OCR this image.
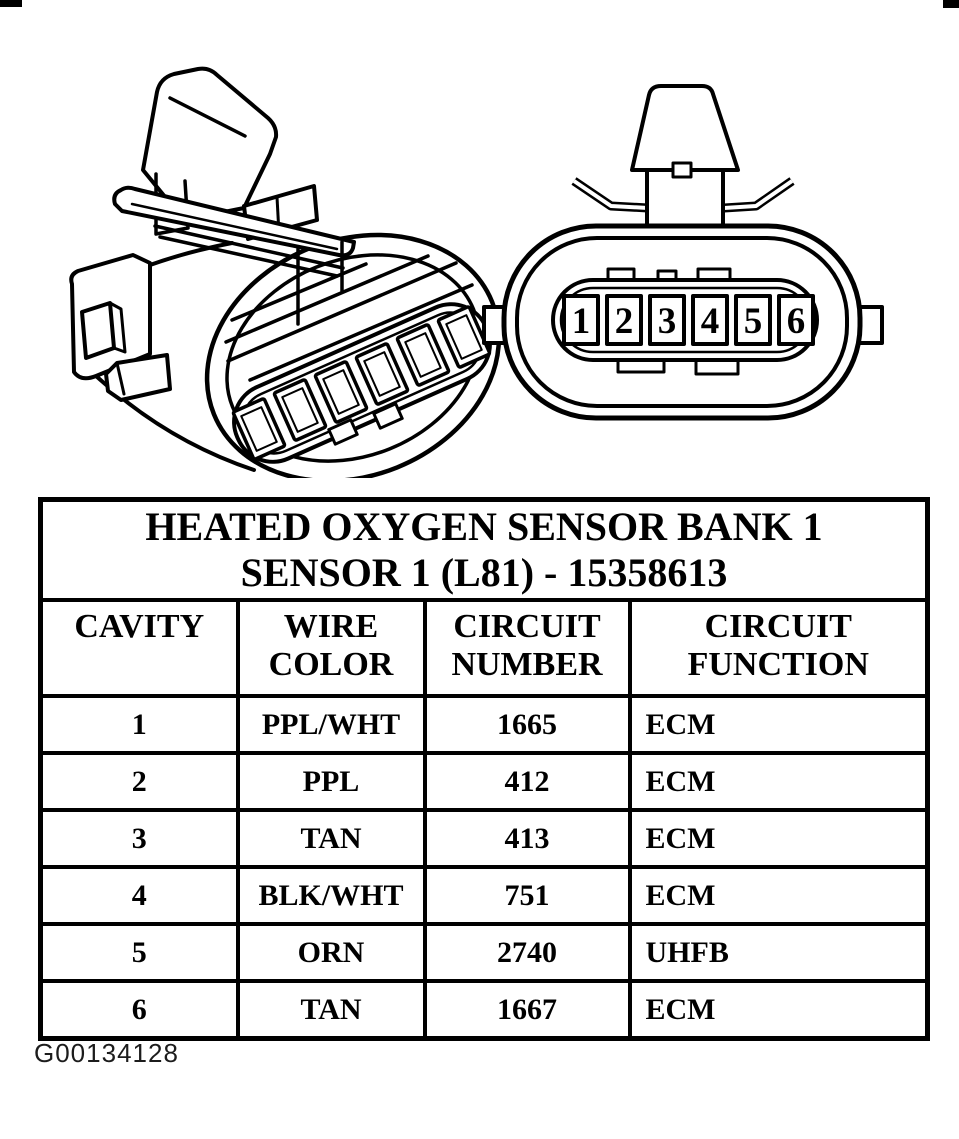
1 2 3 4 5 6
HEATED OXYGEN SENSOR BANK 1 SENSOR 1 (L81) - 15358613			

CAVITY	WIRE COLOR	CIRCUIT NUMBER	CIRCUIT FUNCTION
1	PPL/WHT	1665	ECM
2	PPL	412	ECM
3	TAN	413	ECM
4	BLK/WHT	751	ECM
5	ORN	2740	UHFB
6	TAN	1667	ECM
G00134128
